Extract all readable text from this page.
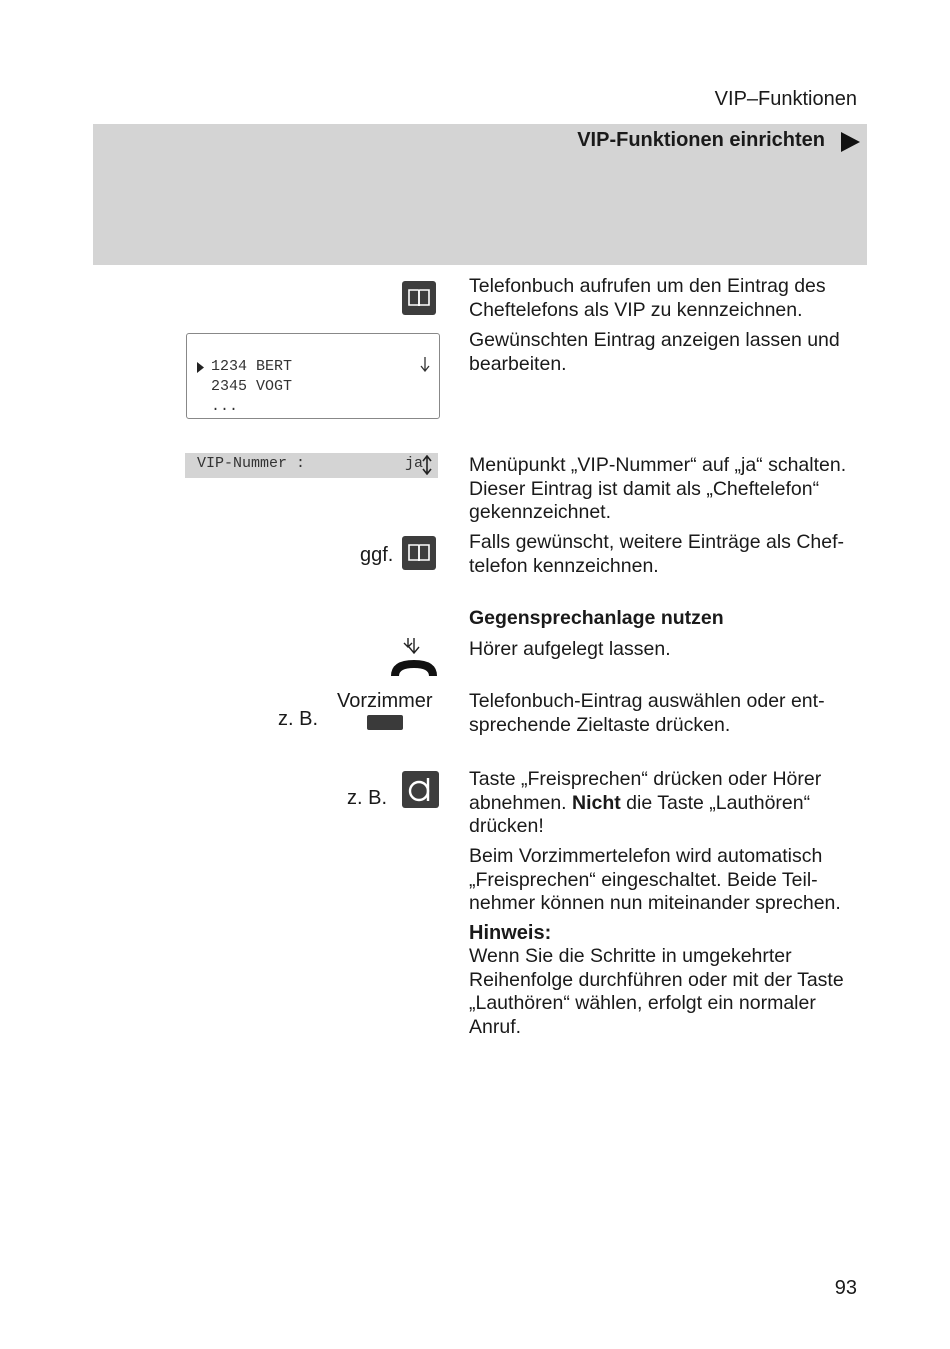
VIP–Funktionen
VIP-Funktionen einrichten
Telefonbuch aufrufen um den Eintrag des Cheftelefons als VIP zu kennzeichnen.
1234 BERT
2345 VOGT
...
Gewünschten Eintrag anzeigen lassen und bearbeiten.
VIP-Nummer :	ja Menüpunkt „VIP-Nummer“ auf „ja“ schalten. Dieser Eintrag ist damit als „Cheftelefon“ gekennzeichnet.
ggf.
Falls gewünscht, weitere Einträge als Chef-telefon kennzeichnen.
Gegensprechanlage nutzen
Hörer aufgelegt lassen.
z. B.
Vorzimmer Telefonbuch-Eintrag auswählen oder ent-sprechende Zieltaste drücken.
z. B.
Taste „Freisprechen“ drücken oder Hörer abnehmen. Nicht die Taste „Lauthören“ drücken!
Beim Vorzimmertelefon wird automatisch „Freisprechen“ eingeschaltet. Beide Teil-nehmer können nun miteinander sprechen.
Hinweis:
Wenn Sie die Schritte in umgekehrter Reihenfolge durchführen oder mit der Taste „Lauthören“ wählen, erfolgt ein normaler Anruf.
93
